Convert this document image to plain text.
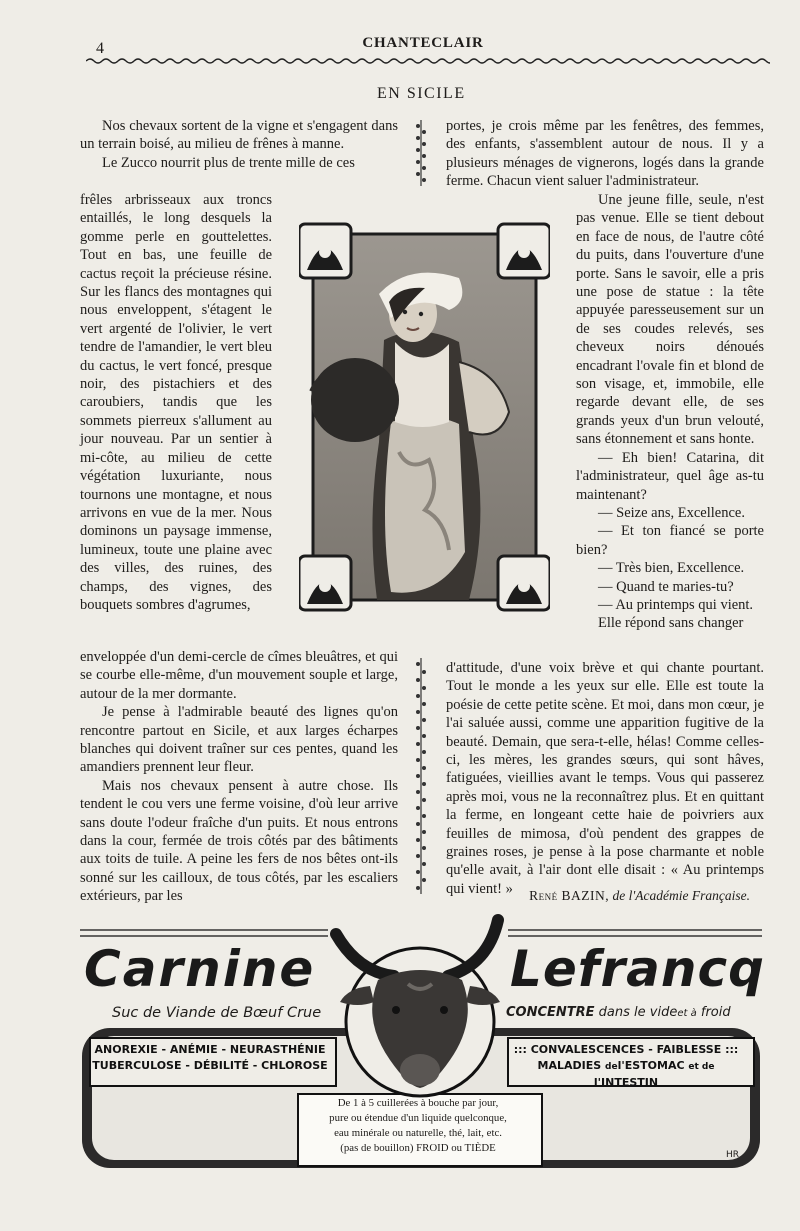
4	CHANTECLAIR
EN SICILE

Nos chevaux sortent de la vigne et s'engagent dans un terrain boisé, au milieu de frênes à manne.

Le Zucco nourrit plus de trente mille de ces

frêles arbrisseaux aux troncs entaillés, le long desquels la gomme perle en gouttelettes. Tout en bas, une feuille de cactus reçoit la précieuse résine. Sur les flancs des montagnes qui nous enveloppent, s'étagent le vert argenté de l'olivier, le vert tendre de l'amandier, le vert bleu du cactus, le vert foncé, presque noir, des pistachiers et des caroubiers, tandis que les sommets pierreux s'allument au jour nouveau. Par un sentier à mi-côte, au milieu de cette végétation luxuriante, nous tournons une montagne, et nous arrivons en vue de la mer. Nous dominons un paysage immense, lumineux, toute une plaine avec des villes, des ruines, des champs, des vignes, des bouquets sombres d'agrumes,

enveloppée d'un demi-cercle de cîmes bleuâtres, et qui se courbe elle-même, d'un mouvement souple et large, autour de la mer dormante.

Je pense à l'admirable beauté des lignes qu'on rencontre partout en Sicile, et aux larges écharpes blanches qui doivent traîner sur ces pentes, quand les amandiers prennent leur fleur.

Mais nos chevaux pensent à autre chose. Ils tendent le cou vers une ferme voisine, d'où leur arrive sans doute l'odeur fraîche d'un puits. Et nous entrons dans la cour, fermée de trois côtés par des bâtiments aux toits de tuile. A peine les fers de nos bêtes ont-ils sonné sur les cailloux, de tous côtés, par les escaliers extérieurs, par les

portes, je crois même par les fenêtres, des femmes, des enfants, s'assemblent autour de nous. Il y a plusieurs ménages de vignerons, logés dans la grande ferme. Chacun vient saluer l'administrateur.

Une jeune fille, seule, n'est pas venue. Elle se tient debout en face de nous, de l'autre côté du puits, dans l'ouverture d'une porte. Sans le savoir, elle a pris une pose de statue : la tête appuyée paresseusement sur un de ses coudes relevés, ses cheveux noirs dénoués encadrant l'ovale fin et blond de son visage, et, immobile, elle regarde devant elle, de ses grands yeux d'un brun velouté, sans étonnement et sans honte.

— Eh bien! Catarina, dit l'administrateur, quel âge as-tu maintenant?

— Seize ans, Excellence.

— Et ton fiancé se porte bien?

— Très bien, Excellence.

— Quand te maries-tu?

— Au printemps qui vient.

Elle répond sans changer

d'attitude, d'une voix brève et qui chante pourtant. Tout le monde a les yeux sur elle. Elle est toute la poésie de cette petite scène. Et moi, dans mon cœur, je l'ai saluée aussi, comme une apparition fugitive de la beauté. Demain, que sera-t-elle, hélas! Comme celles-ci, les mères, les grandes sœurs, qui sont hâves, fatiguées, vieillies avant le temps. Vous qui passerez après moi, vous ne la reconnaîtrez plus. Et en quittant la ferme, en longeant cette haie de poivriers aux feuilles de mimosa, d'où pendent des grappes de graines roses, je pense à la pose charmante et noble qu'elle avait, à l'air dont elle disait : « Au printemps qui vient! »	René BAZIN, de l'Académie Française.
Carnine	Lefrancq
Suc de Viande de Bœuf Crue	CONCENTRE dans le videet à froid
ANOREXIE - ANÉMIE - NEURASTHÉNIE
TUBERCULOSE - DÉBILITÉ - CHLOROSE
::: CONVALESCENCES - FAIBLESSE :::
MALADIES del'ESTOMAC et de l'INTESTIN
De 1 à 5 cuillerées à bouche par jour,
pure ou étendue d'un liquide quelconque,
eau minérale ou naturelle, thé, lait, etc.
(pas de bouillon) FROID ou TIÈDE
HR
